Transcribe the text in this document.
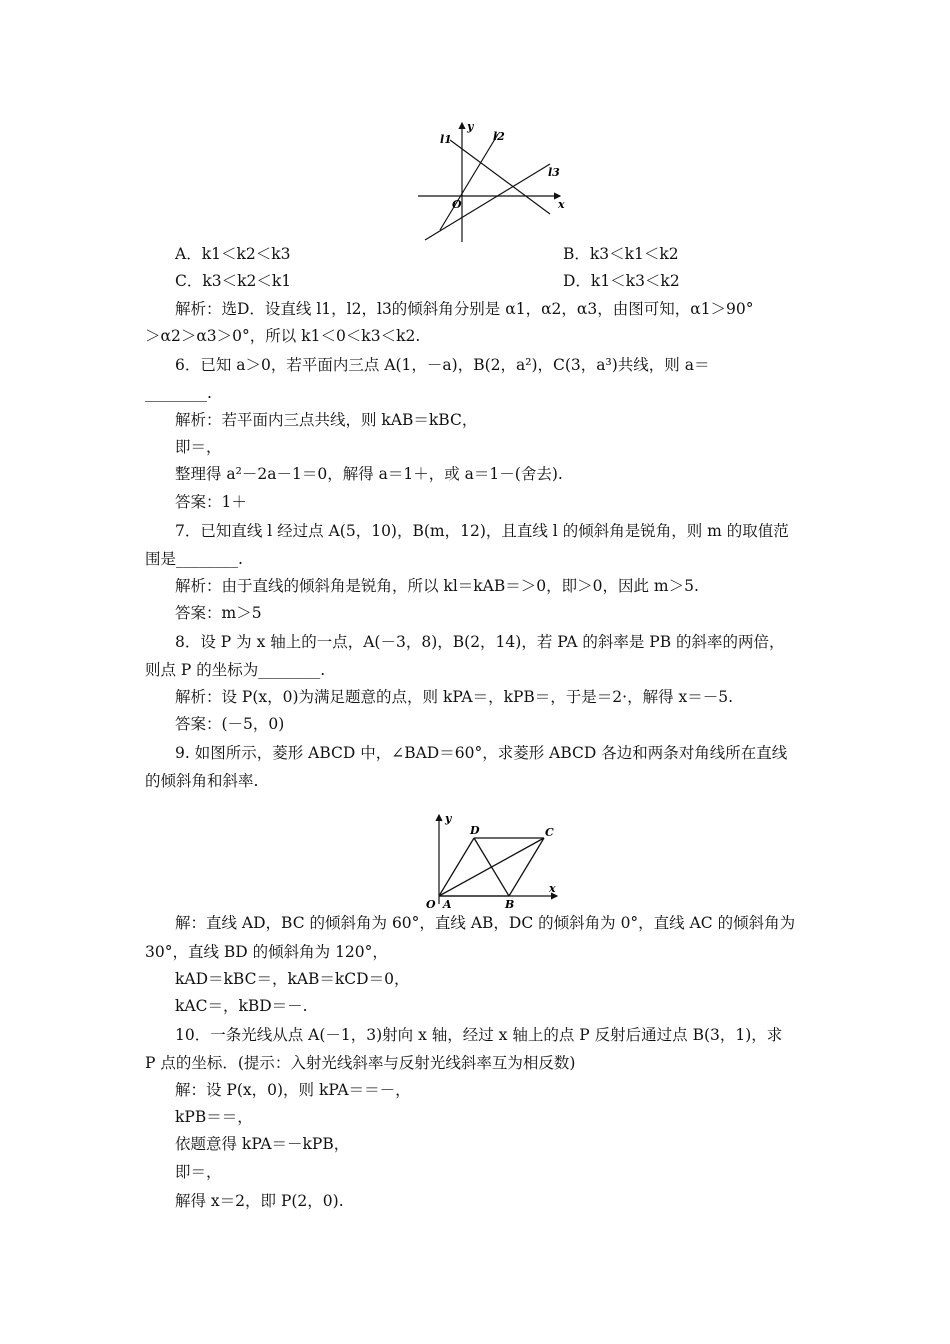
y
x
O
l1	l2
l3
A．k1＜k2＜k3	B．k3＜k1＜k2
C．k3＜k2＜k1	D．k1＜k3＜k2
解析：选D．设直线 l1，l2，l3的倾斜角分别是 α1，α2，α3，由图可知，α1＞90°
＞α2＞α3＞0°，所以 k1＜0＜k3＜k2.
6．已知 a＞0，若平面内三点 A(1，－a)，B(2，a²)，C(3，a³)共线，则 a＝
________.
解析：若平面内三点共线，则 kAB＝kBC，
即＝，
整理得 a²－2a－1＝0，解得 a＝1＋，或 a＝1－(舍去).
答案：1＋
7．已知直线 l 经过点 A(5，10)，B(m，12)，且直线 l 的倾斜角是锐角，则 m 的取值范
围是________.
解析：由于直线的倾斜角是锐角，所以 kl＝kAB＝＞0，即＞0，因此 m＞5.
答案：m＞5
8．设 P 为 x 轴上的一点，A(－3，8)，B(2，14)，若 PA 的斜率是 PB 的斜率的两倍，
则点 P 的坐标为________.
解析：设 P(x，0)为满足题意的点，则 kPA＝，kPB＝，于是＝2·，解得 x＝－5.
答案：(－5，0)
9. 如图所示，菱形 ABCD 中，∠BAD＝60°，求菱形 ABCD 各边和两条对角线所在直线
的倾斜角和斜率.
y
x
O A	B
C
D
解：直线 AD，BC 的倾斜角为 60°，直线 AB，DC 的倾斜角为 0°，直线 AC 的倾斜角为
30°，直线 BD 的倾斜角为 120°，
kAD＝kBC＝，kAB＝kCD＝0，
kAC＝，kBD＝－.
10．一条光线从点 A(－1，3)射向 x 轴，经过 x 轴上的点 P 反射后通过点 B(3，1)，求
P 点的坐标．(提示：入射光线斜率与反射光线斜率互为相反数)
解：设 P(x，0)，则 kPA＝＝－，
kPB＝＝，
依题意得 kPA＝－kPB，
即＝，
解得 x＝2，即 P(2，0).
